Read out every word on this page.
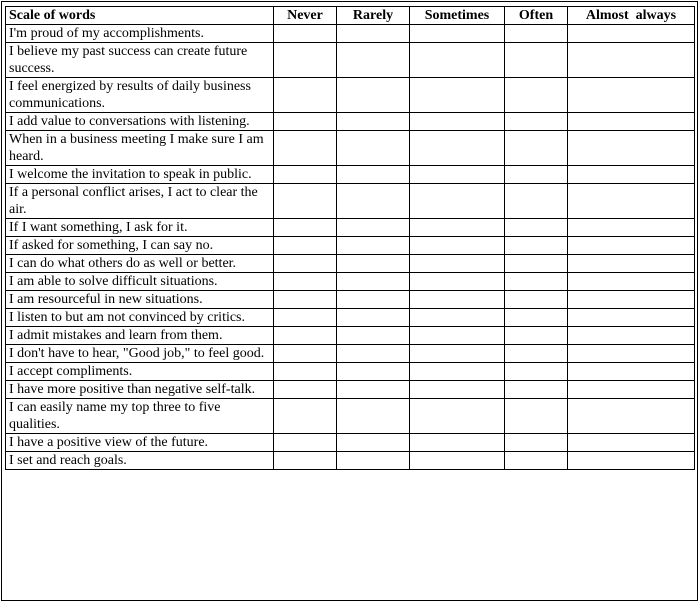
Scale of words	Never	Rarely	Sometimes	Often	Almost  always
I'm proud of my accomplishments.					
I believe my past success can create future success.					
I feel energized by results of daily business communications.					
I add value to conversations with listening.					
When in a business meeting I make sure I am heard.					
I welcome the invitation to speak in public.					
If a personal conflict arises, I act to clear the air.					
If I want something, I ask for it.					
If asked for something, I can say no.					
I can do what others do as well or better.					
I am able to solve difficult situations.					
I am resourceful in new situations.					
I listen to but am not convinced by critics.					
I admit mistakes and learn from them.					
I don't have to hear, "Good job," to feel good.					
I accept compliments.					
I have more positive than negative self-talk.					
I can easily name my top three to five qualities.					
I have a positive view of the future.					
I set and reach goals.					
